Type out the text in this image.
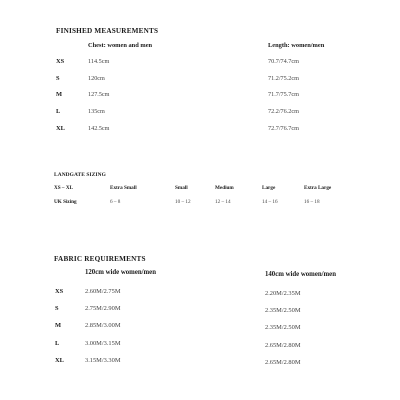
FINISHED MEASUREMENTS
Chest: women and men	Length: women/men
XS	114.5cm	70.7/74.7cm
S	120cm	71.2/75.2cm
M	127.5cm	71.7/75.7cm
L	135cm	72.2/76.2cm
XL	142.5cm	72.7/76.7cm
LANDGATE SIZING
XS – XL	Extra Small	Small	Medium	Large	Extra Large
UK Sizing	6 – 8	10 – 12	12 – 14	14 – 16	16 – 18
FABRIC REQUIREMENTS
120cm wide women/men	140cm wide women/men
XS	2.60M/2.75M	2.20M/2.35M
S	2.75M/2.90M	2.35M/2.50M
M	2.85M/3.00M	2.35M/2.50M
L	3.00M/3.15M	2.65M/2.80M
XL	3.15M/3.30M	2.65M/2.80M
